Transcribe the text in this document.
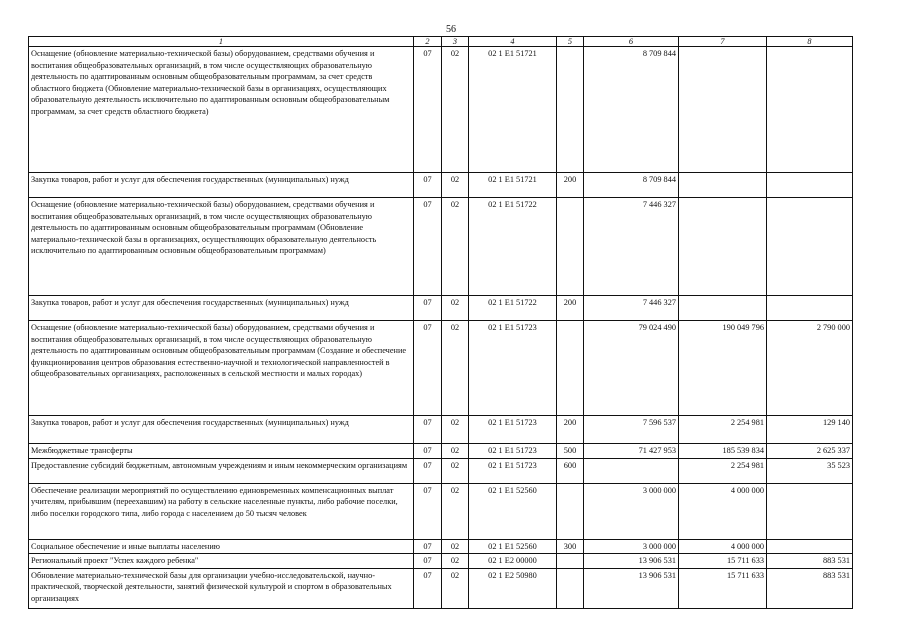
56
1	2	3	4	5	6	7	8
Оснащение (обновление материально-технической базы) оборудованием, средствами обучения и воспитания общеобразовательных организаций, в том числе осуществляющих образовательную деятельность по адаптированным основным общеобразовательным программам, за счет средств областного бюджета (Обновление материально-технической базы в организациях, осуществляющих образовательную деятельность исключительно по адаптированным основным общеобразовательным программам, за счет средств областного бюджета)	07	02	02 1 E1 51721		8 709 844		
Закупка товаров, работ и услуг для обеспечения государственных (муниципальных) нужд	07	02	02 1 E1 51721	200	8 709 844		
Оснащение (обновление материально-технической базы) оборудованием, средствами обучения и воспитания общеобразовательных организаций, в том числе осуществляющих образовательную деятельность по адаптированным основным общеобразовательным программам (Обновление материально-технической базы в организациях, осуществляющих образовательную деятельность исключительно по адаптированным основным общеобразовательным программам)	07	02	02 1 E1 51722		7 446 327		
Закупка товаров, работ и услуг для обеспечения государственных (муниципальных) нужд	07	02	02 1 E1 51722	200	7 446 327		
Оснащение (обновление материально-технической базы) оборудованием, средствами обучения и воспитания общеобразовательных организаций, в том числе осуществляющих образовательную деятельность по адаптированным основным общеобразовательным программам (Создание и обеспечение функционирования центров образования естественно-научной и технологической направленностей в общеобразовательных организациях, расположенных в сельской местности и малых городах)	07	02	02 1 E1 51723		79 024 490	190 049 796	2 790 000
Закупка товаров, работ и услуг для обеспечения государственных (муниципальных) нужд	07	02	02 1 E1 51723	200	7 596 537	2 254 981	129 140
Межбюджетные трансферты	07	02	02 1 E1 51723	500	71 427 953	185 539 834	2 625 337
Предоставление субсидий бюджетным, автономным учреждениям и иным некоммерческим организациям	07	02	02 1 E1 51723	600		2 254 981	35 523
Обеспечение реализации мероприятий по осуществлению единовременных компенсационных выплат учителям, прибывшим (переехавшим) на работу в сельские населенные пункты, либо рабочие поселки, либо поселки городского типа, либо города с населением до 50 тысяч человек	07	02	02 1 E1 52560		3 000 000	4 000 000	
Социальное обеспечение и иные выплаты населению	07	02	02 1 E1 52560	300	3 000 000	4 000 000	
Региональный проект "Успех каждого ребенка"	07	02	02 1 E2 00000		13 906 531	15 711 633	883 531
Обновление материально-технической базы для организации учебно-исследовательской, научно-практической, творческой деятельности, занятий физической культурой и спортом в образовательных организациях	07	02	02 1 E2 50980		13 906 531	15 711 633	883 531
